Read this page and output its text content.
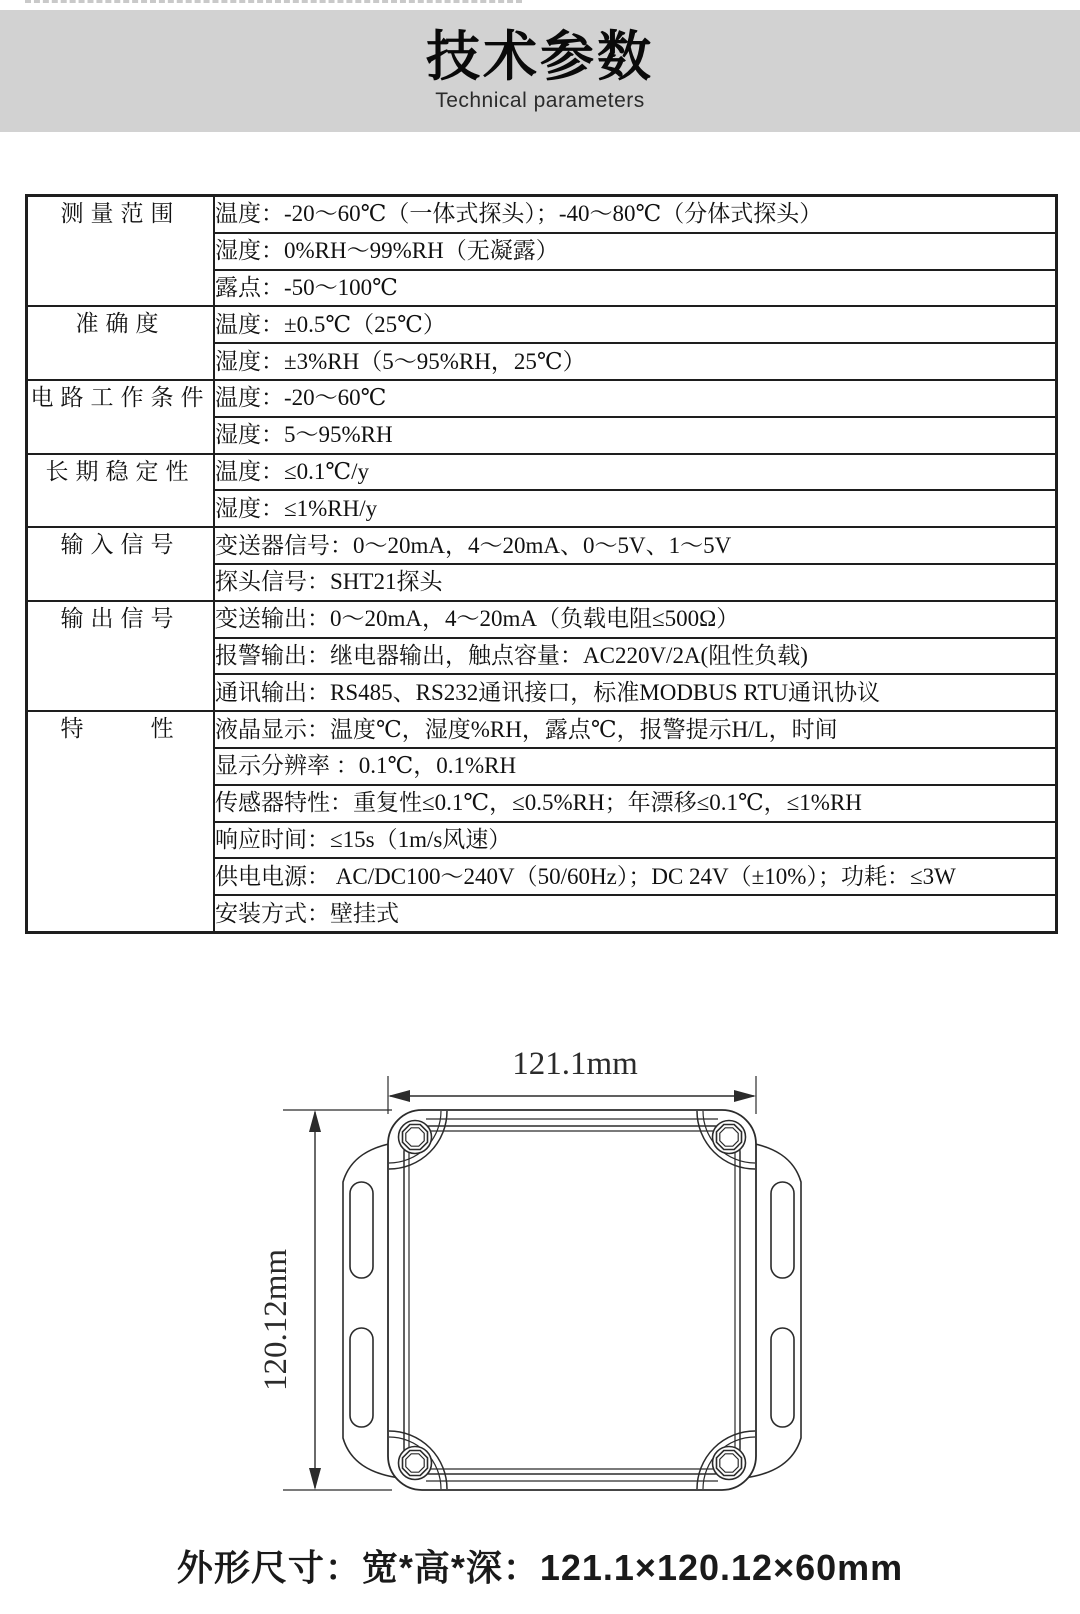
技术参数

Technical parameters

测量范围	温度：-20～60℃（一体式探头）；-40～80℃（分体式探头）
	湿度：0%RH～99%RH（无凝露）
	露点：-50～100℃
准确度	温度：±0.5℃（25℃）
	湿度：±3%RH（5～95%RH，25℃）
电路工作条件	温度：-20～60℃
	湿度：5～95%RH
长期稳定性	温度：≤0.1℃/y
	湿度：≤1%RH/y
输入信号	变送器信号：0～20mA，4～20mA、0～5V、1～5V
	探头信号：SHT21探头
输出信号	变送输出：0～20mA，4～20mA（负载电阻≤500Ω）
	报警输出：继电器输出，触点容量：AC220V/2A(阻性负载)
	通讯输出：RS485、RS232通讯接口，标准MODBUS RTU通讯协议
特　　性	液晶显示：温度℃，湿度%RH，露点℃，报警提示H/L，时间
	显示分辨率 ：0.1℃，0.1%RH
	传感器特性：重复性≤0.1℃，≤0.5%RH；年漂移≤0.1℃，≤1%RH
	响应时间：≤15s（1m/s风速）
	供电电源： AC/DC100～240V（50/60Hz）；DC 24V（±10%）；功耗：≤3W
	安装方式：壁挂式
121.1mm
120.12mm
外形尺寸：宽*高*深：121.1×120.12×60mm
